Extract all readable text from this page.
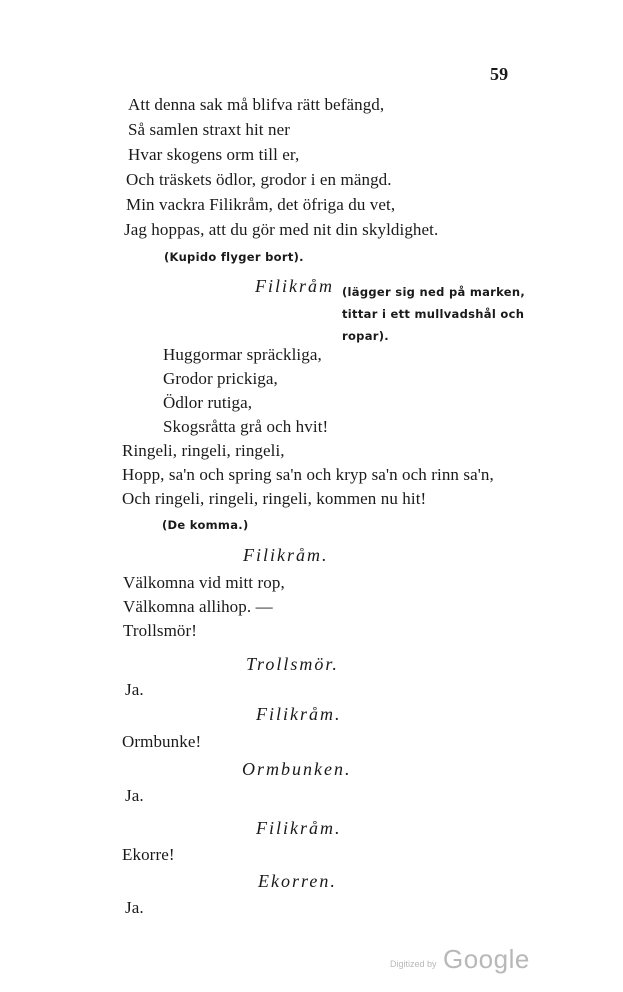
59
Att denna sak må blifva rätt befängd,
Så samlen straxt hit ner
Hvar skogens orm till er,
Och träskets ödlor, grodor i en mängd.
Min vackra Filikråm, det öfriga du vet,
Jag hoppas, att du gör med nit din skyldighet.
(Kupido flyger bort).
Filikråm (lägger sig ned på marken,
tittar i ett mullvadshål och
ropar).
Huggormar spräckliga,
Grodor prickiga,
Ödlor rutiga,
Skogsråtta grå och hvit!
Ringeli, ringeli, ringeli,
Hopp, sa'n och spring sa'n och kryp sa'n och rinn sa'n,
Och ringeli, ringeli, ringeli, kommen nu hit!
(De komma.)
Filikråm.
Välkomna vid mitt rop,
Välkomna allihop. —
Trollsmör!
Trollsmör.
Ja.
Filikråm.
Ormbunke!
Ormbunken.
Ja.
Filikråm.
Ekorre!
Ekorren.
Ja.
Digitized by Google
